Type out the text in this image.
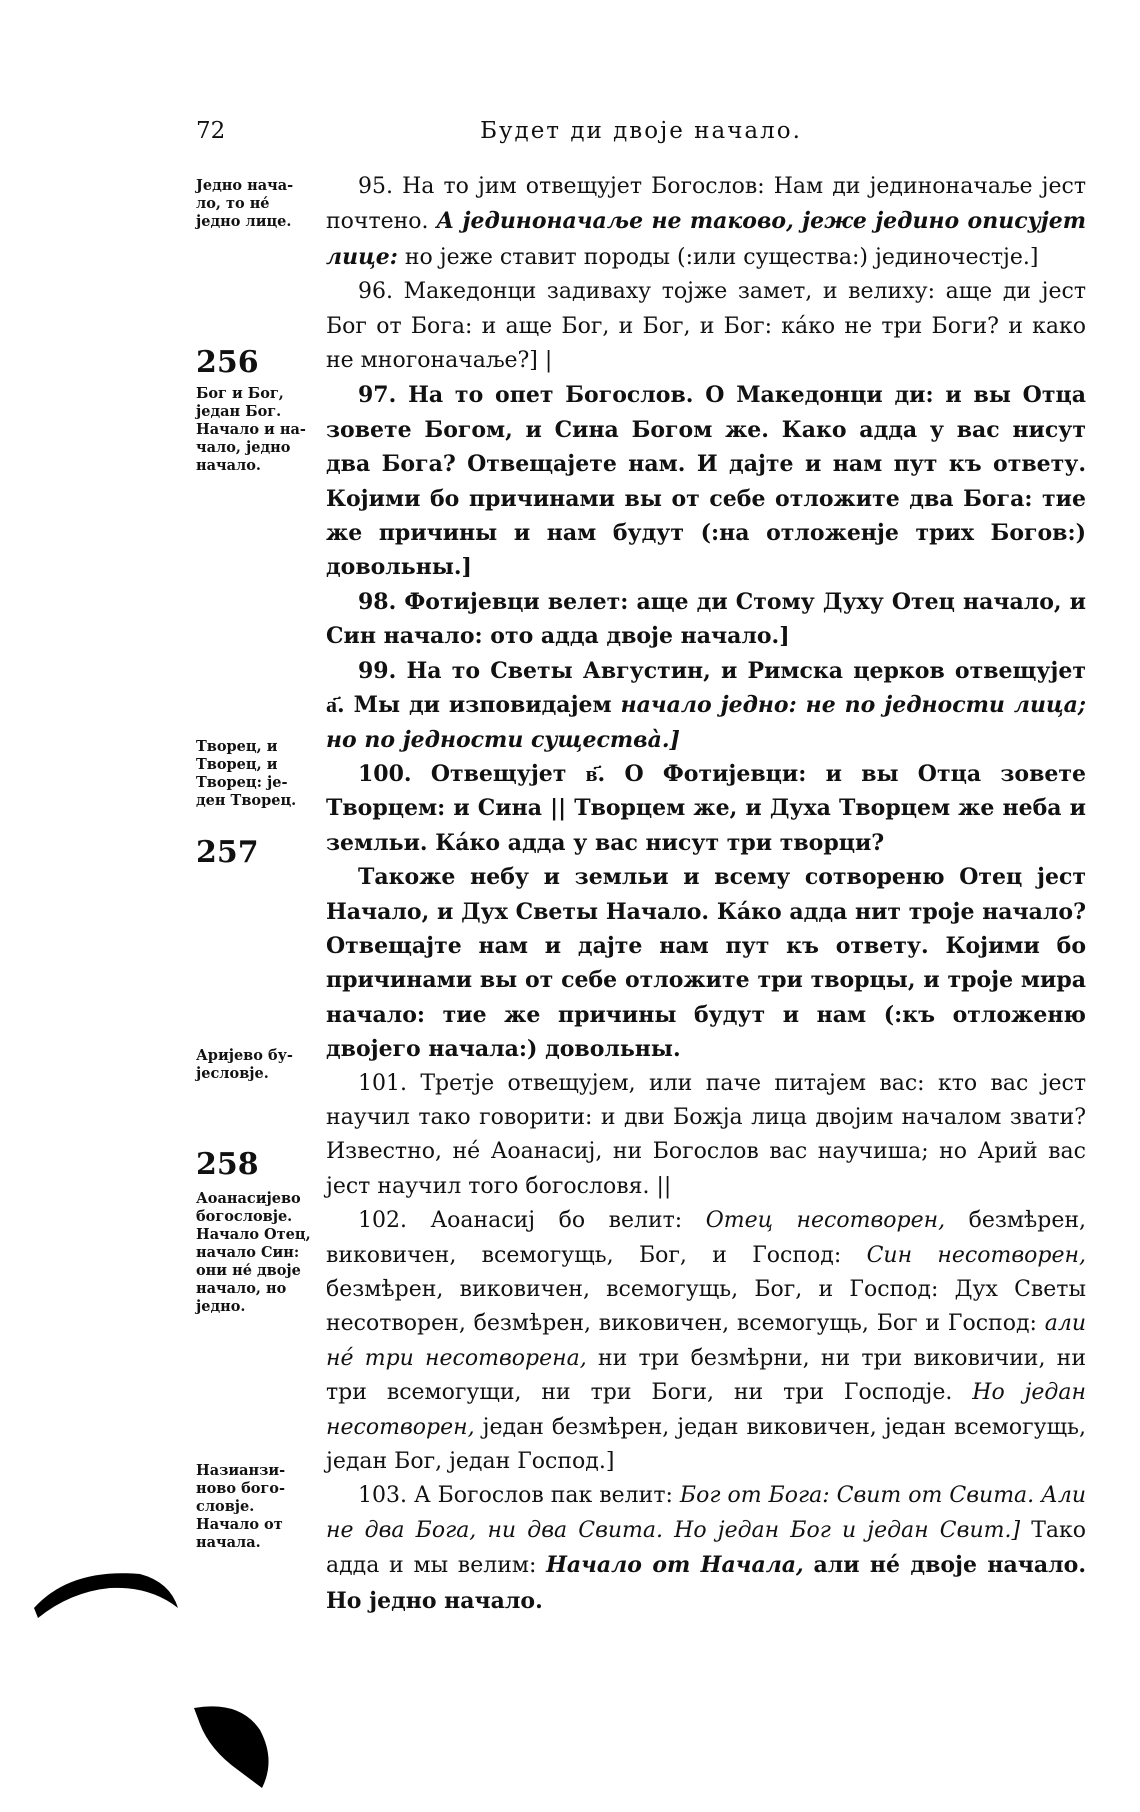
72	Будет ди двоје начало.
Једно нача- ло, то не́ једно лице.
256
Бог и Бог, један Бог. Начало и на- чало, једно начало.
Творец, и Творец, и Творец: је- ден Творец.
257
Аријево бу- јесловје.
258
Аоанасијево богословје. Начало Отец, начало Син: они не́ двоје начало, но једно.
Назианзи- ново бого- словје. Начало от начала.

95. На то јим отвещујет Богослов: Нам ди јединоначаље јест почтено. А јединоначаље не таково, јеже једино описујет лице: но јеже ставит породы (:или существа:) јединочестје.]

96. Македонци задиваху тоjже замет, и велиху: аще ди јест Бог от Бога: и аще Бог, и Бог, и Бог: ка́ко не три Боги? и како не многоначаље?] |

97. На то опет Богослов. О Македонци ди: и вы Отца зовете Богом, и Сина Богом же. Како адда у вас нисут два Бога? Отвещајете нам. И дајте и нам пут къ ответу. Којими бо причинами вы от себе отложите два Бога: тие же причины и нам будут (:на отложенје трих Богов:) довольны.]

98. Фотијевци велет: аще ди Стому Духу Отец начало, и Син начало: ото адда двоје начало.]

99. На то Светы Августин, и Римска церков отвещујет а҃. Мы ди изповидајем начало једно: не по једности лица; но по једности существа̀.]

100. Отвещујет в҃. О Фотијевци: и вы Отца зовете Творцем: и Сина || Творцем же, и Духа Творцем же неба и земльи. Ка́ко адда у вас нисут три творци?

Такоже небу и земльи и всему сотвореню Отец јест Начало, и Дух Светы Начало. Ка́ко адда нит троје начало? Отвещајте нам и дајте нам пут къ ответу. Којими бо причинами вы от себе отложите три творцы, и троје мира начало: тие же причины будут и нам (:къ отложеню двојего начала:) довольны.

101. Третје отвещујем, или паче питајем вас: кто вас јест научил тако говорити: и дви Божја лица двојим началом звати? Известно, не́ Аоанасиј, ни Богослов вас научиша; но Арий вас јест научил того богословя. ||

102. Аоанасиј бо велит: Отец несотворен, безмѣрен, виковичен, всемогущь, Бог, и Господ: Син несотворен, безмѣрен, виковичен, всемогущь, Бог, и Господ: Дух Светы несотворен, безмѣрен, виковичен, всемогущь, Бог и Господ: али не́ три несотворена, ни три безмѣрни, ни три виковичии, ни три всемогущи, ни три Боги, ни три Господје. Но један несотворен, један безмѣрен, један виковичен, један всемогущь, један Бог, један Господ.]

103. А Богослов пак велит: Бог от Бога: Свит от Свита. Али не два Бога, ни два Свита. Но један Бог и један Свит.] Тако адда и мы велим: Начало от Начала, али не́ двоје начало. Но једно начало.
